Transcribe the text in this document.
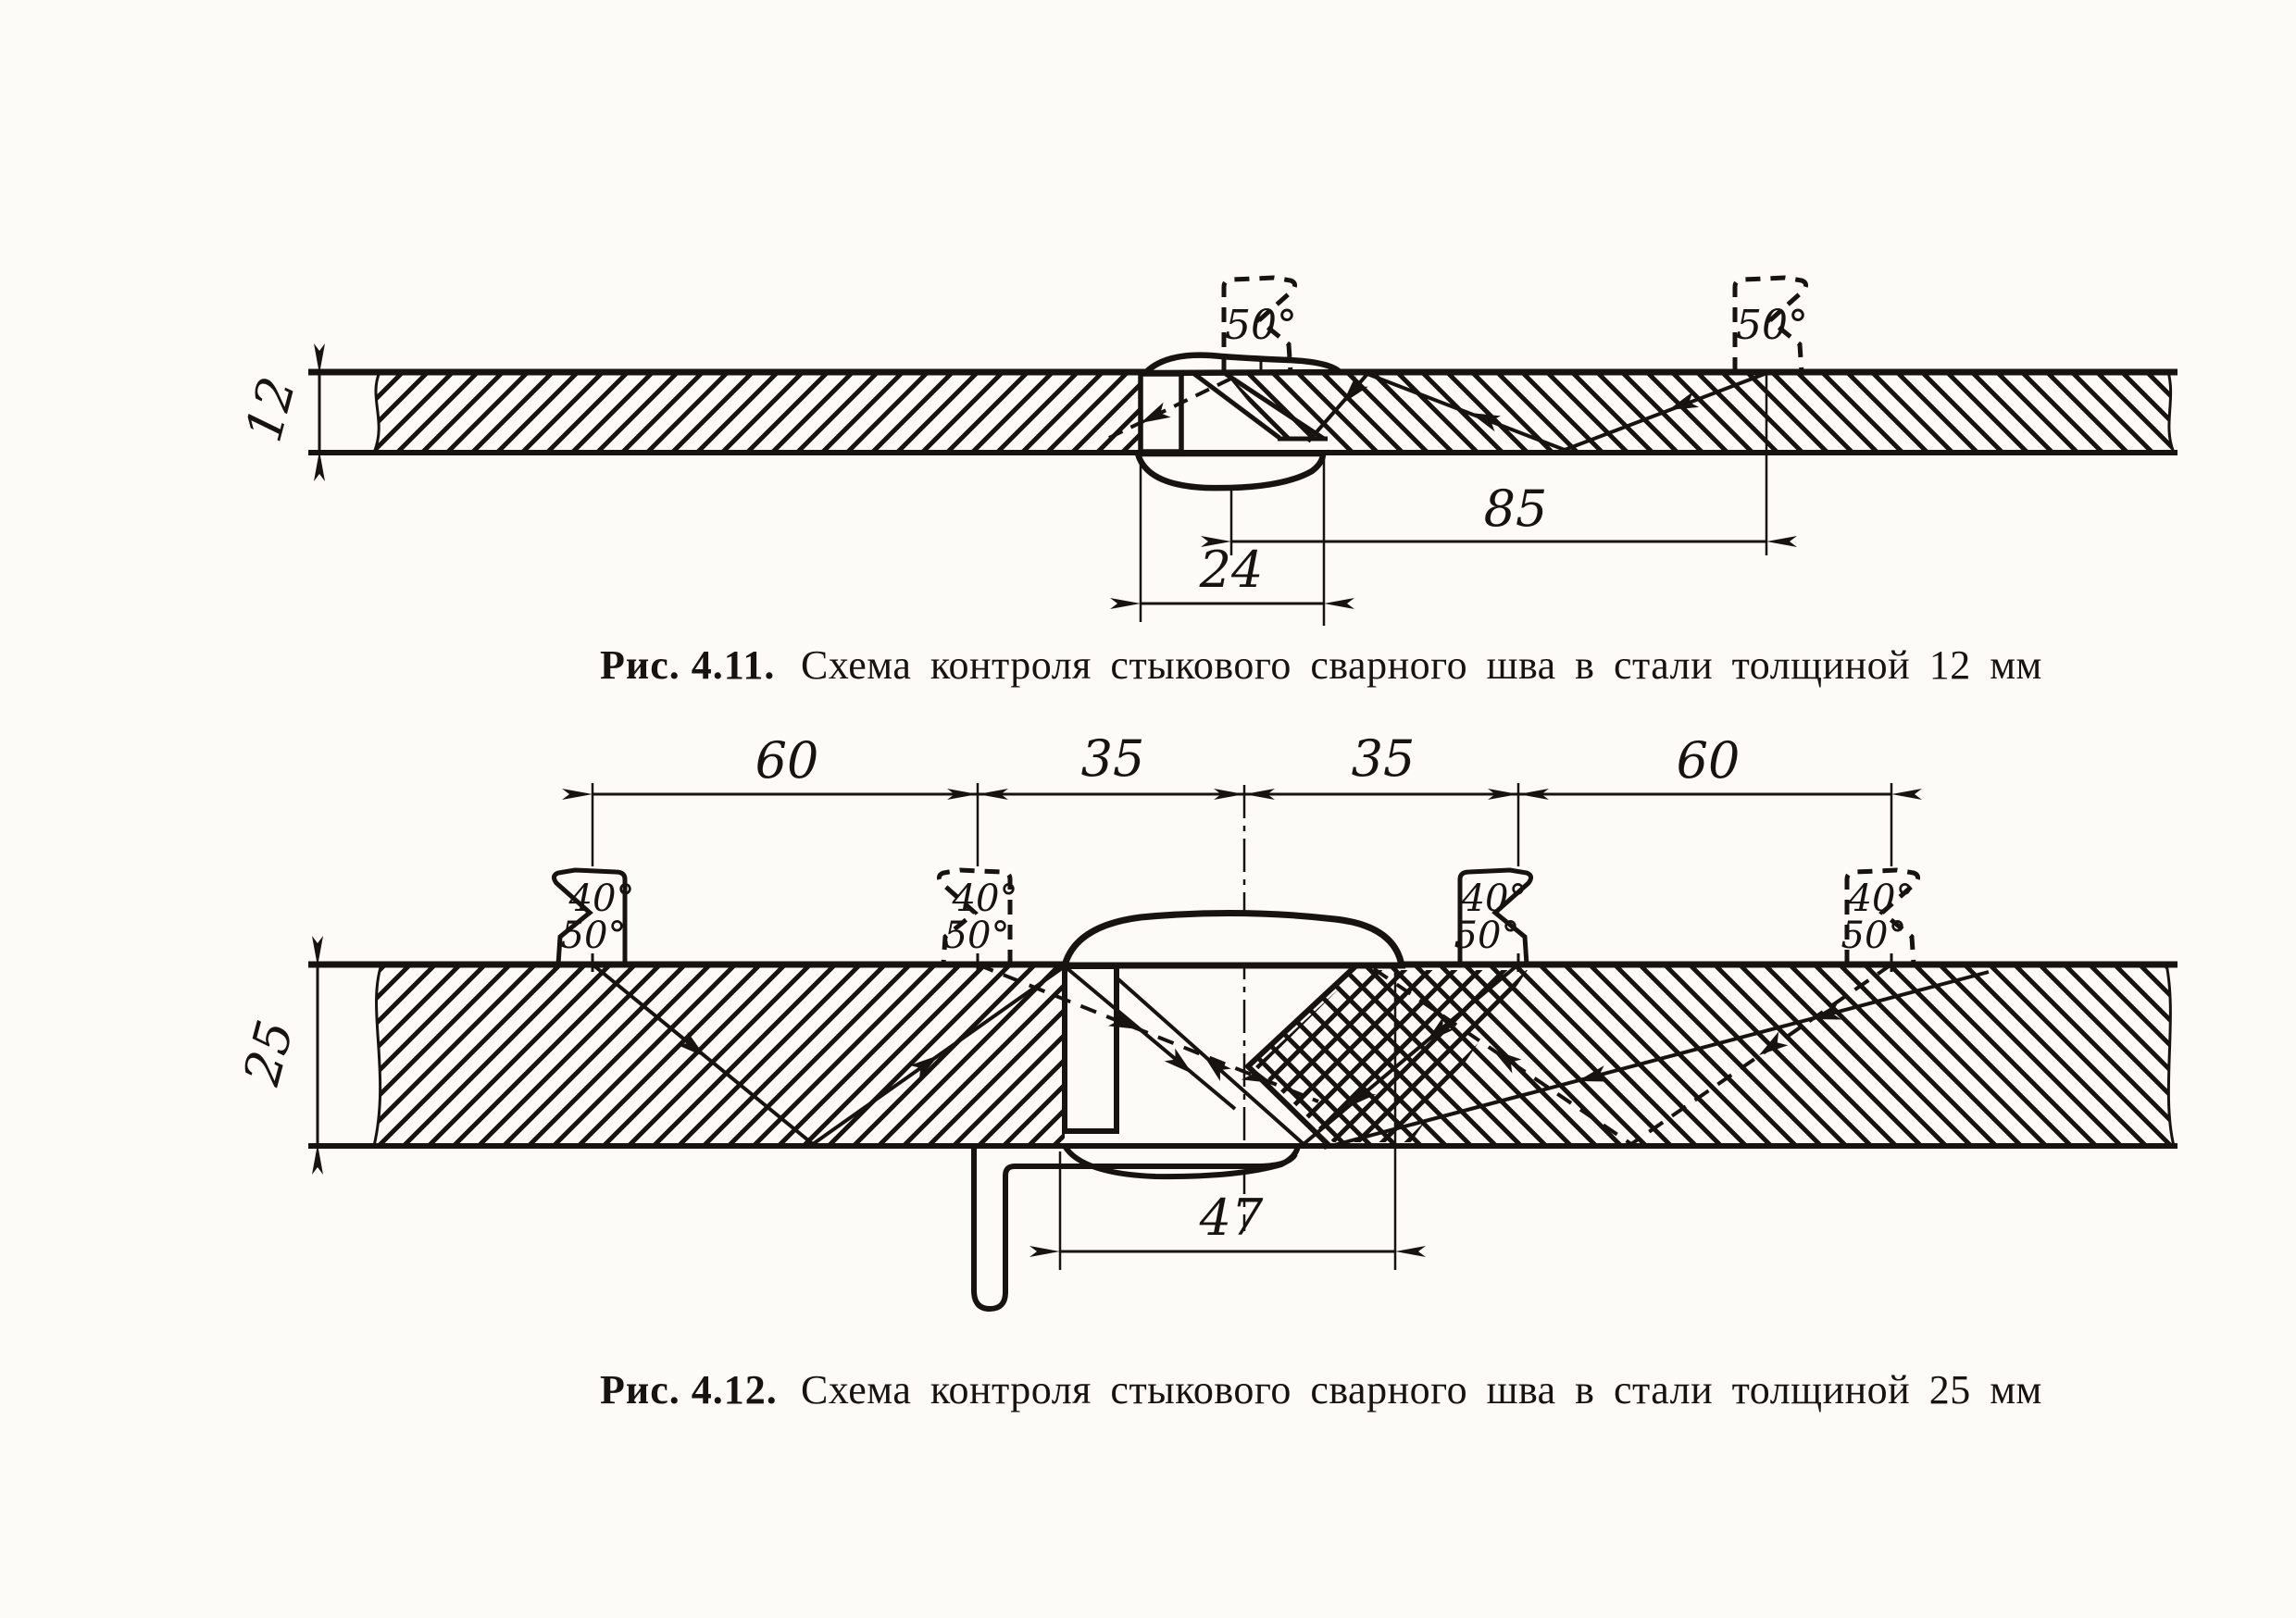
50°	50°
12
85
24
Рис. 4.11. Схема контроля стыкового сварного шва в стали толщиной 12 мм
60	35	35	60
40°
50°
40°
50°
40°
50°
40°
50°
25
47
Рис. 4.12. Схема контроля стыкового сварного шва в стали толщиной 25 мм
